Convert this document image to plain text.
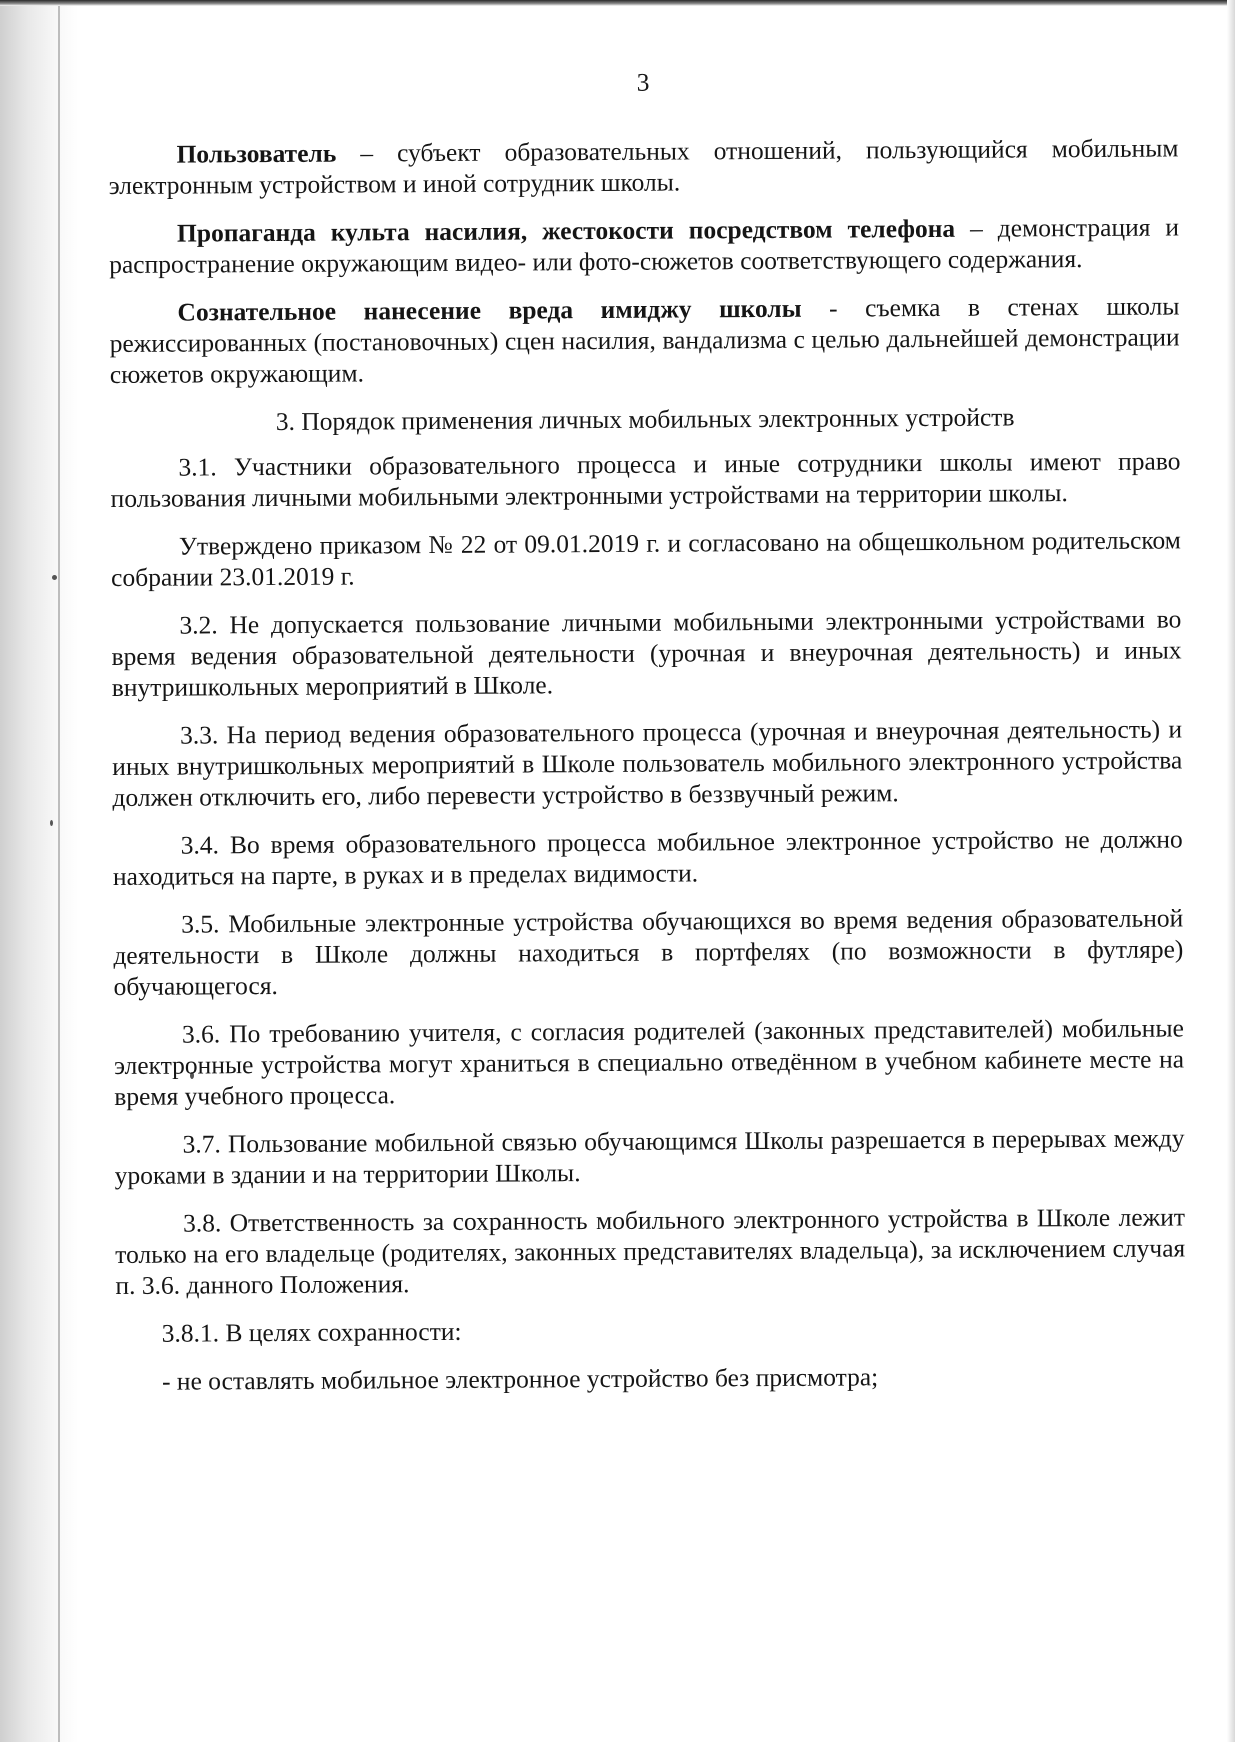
3

Пользователь – субъект образовательных отношений, пользующийся мобильным электронным устройством и иной сотрудник школы.

Пропаганда культа насилия, жестокости посредством телефона – демонстрация и распространение окружающим видео- или фото-сюжетов соответствующего содержания.

Сознательное нанесение вреда имиджу школы - съемка в стенах школы режиссированных (постановочных) сцен насилия, вандализма с целью дальнейшей демонстрации сюжетов окружающим.

3. Порядок применения личных мобильных электронных устройств

3.1. Участники образовательного процесса и иные сотрудники школы имеют право пользования личными мобильными электронными устройствами на территории школы.

Утверждено приказом № 22 от 09.01.2019 г. и согласовано на общешкольном родительском собрании 23.01.2019 г.

3.2. Не допускается пользование личными мобильными электронными устройствами во время ведения образовательной деятельности (урочная и внеурочная деятельность) и иных внутришкольных мероприятий в Школе.

3.3. На период ведения образовательного процесса (урочная и внеурочная деятельность) и иных внутришкольных мероприятий в Школе пользователь мобильного электронного устройства должен отключить его, либо перевести устройство в беззвучный режим.

3.4. Во время образовательного процесса мобильное электронное устройство не должно находиться на парте, в руках и в пределах видимости.

3.5. Мобильные электронные устройства обучающихся во время ведения образовательной деятельности в Школе должны находиться в портфелях (по возможности в футляре) обучающегося.

3.6. По требованию учителя, с согласия родителей (законных представителей) мобильные электронные устройства могут храниться в специально отведённом в учебном кабинете месте на время учебного процесса.

3.7. Пользование мобильной связью обучающимся Школы разрешается в перерывах между уроками в здании и на территории Школы.

3.8. Ответственность за сохранность мобильного электронного устройства в Школе лежит только на его владельце (родителях, законных представителях владельца), за исключением случая п. 3.6. данного Положения.

3.8.1. В целях сохранности:

- не оставлять мобильное электронное устройство без присмотра;
